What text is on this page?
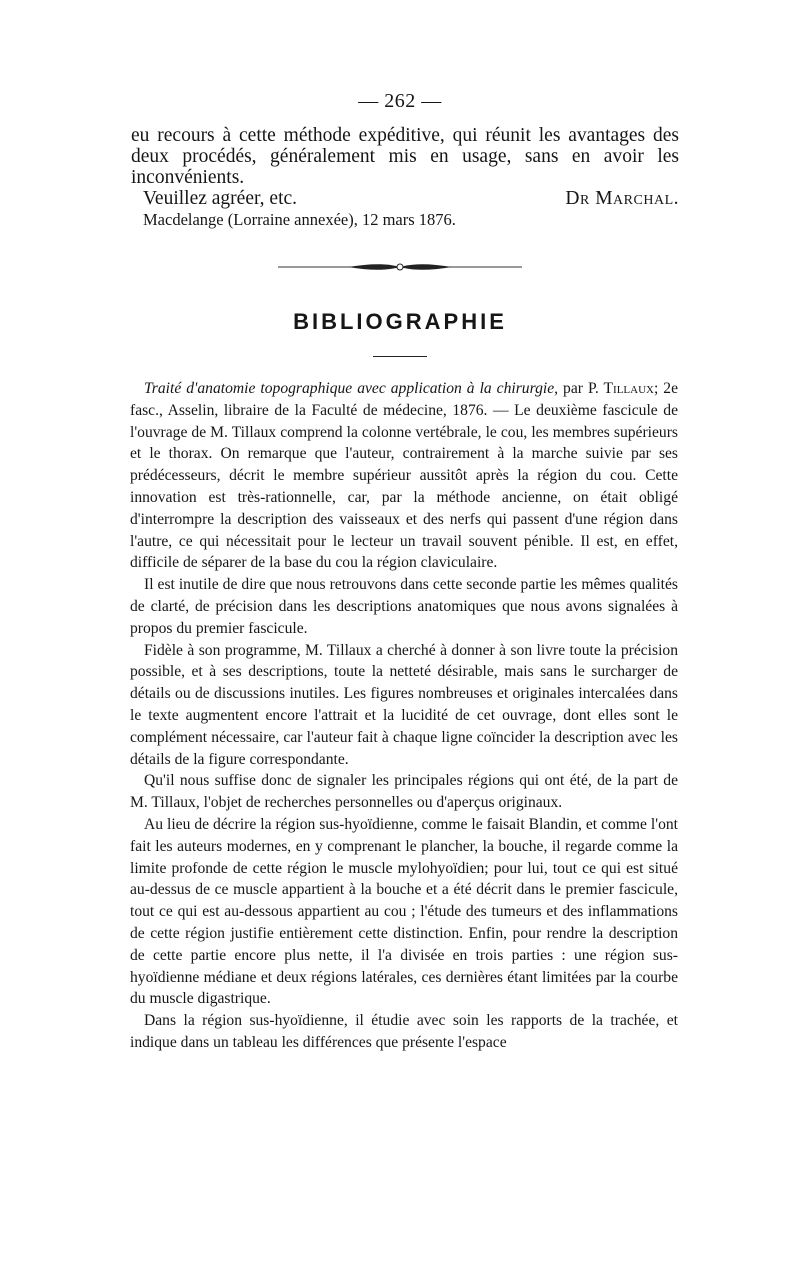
— 262 —

eu recours à cette méthode expéditive, qui réunit les avantages des deux procédés, généralement mis en usage, sans en avoir les inconvénients.

Veuillez agréer, etc.	Dr Marchal.
Macdelange (Lorraine annexée), 12 mars 1876.
BIBLIOGRAPHIE

Traité d'anatomie topographique avec application à la chirurgie, par P. Tillaux; 2e fasc., Asselin, libraire de la Faculté de médecine, 1876. — Le deuxième fascicule de l'ouvrage de M. Tillaux comprend la colonne vertébrale, le cou, les membres supérieurs et le thorax. On remarque que l'auteur, contrairement à la marche suivie par ses prédécesseurs, décrit le membre supérieur aussitôt après la région du cou. Cette innovation est très-rationnelle, car, par la méthode ancienne, on était obligé d'interrompre la description des vaisseaux et des nerfs qui passent d'une région dans l'autre, ce qui nécessitait pour le lecteur un travail souvent pénible. Il est, en effet, difficile de séparer de la base du cou la région claviculaire.

Il est inutile de dire que nous retrouvons dans cette seconde partie les mêmes qualités de clarté, de précision dans les descriptions anatomiques que nous avons signalées à propos du premier fascicule.

Fidèle à son programme, M. Tillaux a cherché à donner à son livre toute la précision possible, et à ses descriptions, toute la netteté désirable, mais sans le surcharger de détails ou de discussions inutiles. Les figures nombreuses et originales intercalées dans le texte augmentent encore l'attrait et la lucidité de cet ouvrage, dont elles sont le complément nécessaire, car l'auteur fait à chaque ligne coïncider la description avec les détails de la figure correspondante.

Qu'il nous suffise donc de signaler les principales régions qui ont été, de la part de M. Tillaux, l'objet de recherches personnelles ou d'aperçus originaux.

Au lieu de décrire la région sus-hyoïdienne, comme le faisait Blandin, et comme l'ont fait les auteurs modernes, en y comprenant le plancher, la bouche, il regarde comme la limite profonde de cette région le muscle mylohyoïdien; pour lui, tout ce qui est situé au-dessus de ce muscle appartient à la bouche et a été décrit dans le premier fascicule, tout ce qui est au-dessous appartient au cou ; l'étude des tumeurs et des inflammations de cette région justifie entièrement cette distinction. Enfin, pour rendre la description de cette partie encore plus nette, il l'a divisée en trois parties : une région sus-hyoïdienne médiane et deux régions latérales, ces dernières étant limitées par la courbe du muscle digastrique.

Dans la région sus-hyoïdienne, il étudie avec soin les rapports de la trachée, et indique dans un tableau les différences que présente l'espace
